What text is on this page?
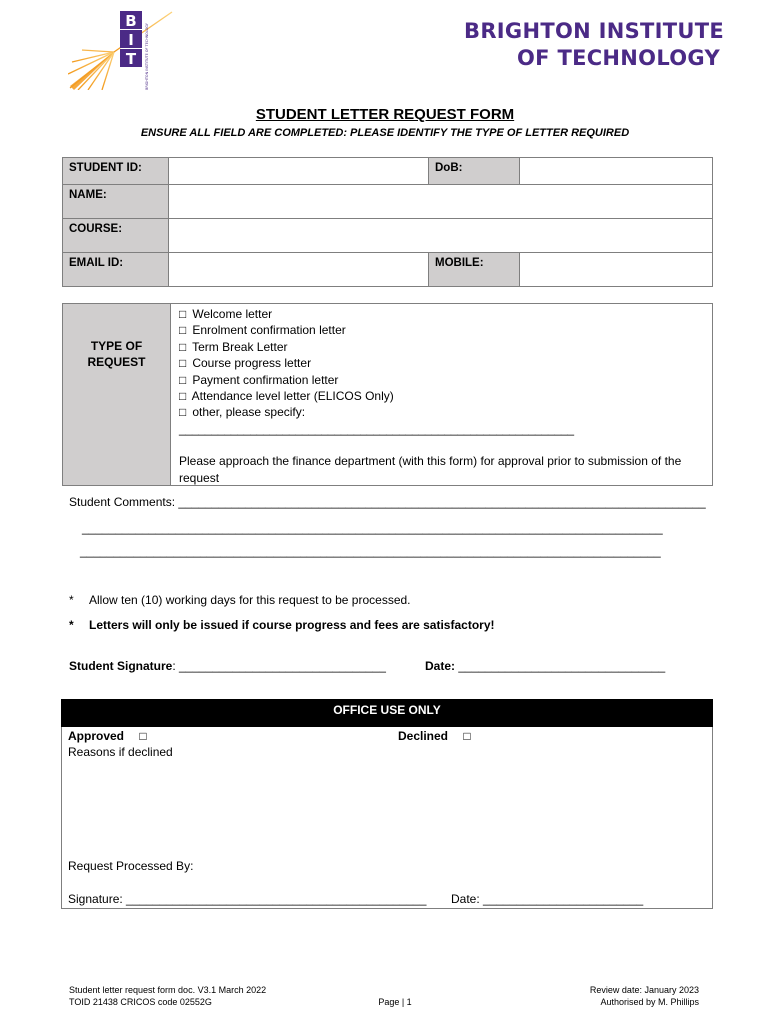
B
I
T	BRIGHTON INSTITUTE OF TECHNOLOGY	BRIGHTON INSTITUTE
OF TECHNOLOGY
STUDENT LETTER REQUEST FORM
ENSURE ALL FIELD ARE COMPLETED: PLEASE IDENTIFY THE TYPE OF LETTER REQUIRED
STUDENT ID:	DoB:
NAME:
COURSE:
EMAIL ID:	MOBILE:
TYPE OF
REQUEST
□ Welcome letter
□ Enrolment confirmation letter
□ Term Break Letter
□ Course progress letter
□ Payment confirmation letter
□ Attendance level letter (ELICOS Only)
□ other, please specify:
_____________________________________________________________
Please approach the finance department (with this form) for approval prior to submission of the request
Student Comments: _______________________________________________________________________________
_______________________________________________________________________________________
_______________________________________________________________________________________
* Allow ten (10) working days for this request to be processed.
* Letters will only be issued if course progress and fees are satisfactory!
Student Signature: _______________________________	Date: _______________________________
OFFICE USE ONLY
Approved □	Declined □
Reasons if declined
Request Processed By:
Signature: _____________________________________________ Date: ________________________
Student letter request form doc. V3.1 March 2022
TOID 21438 CRICOS code 02552G	Page | 1
Review date: January 2023
Authorised by M. Phillips
